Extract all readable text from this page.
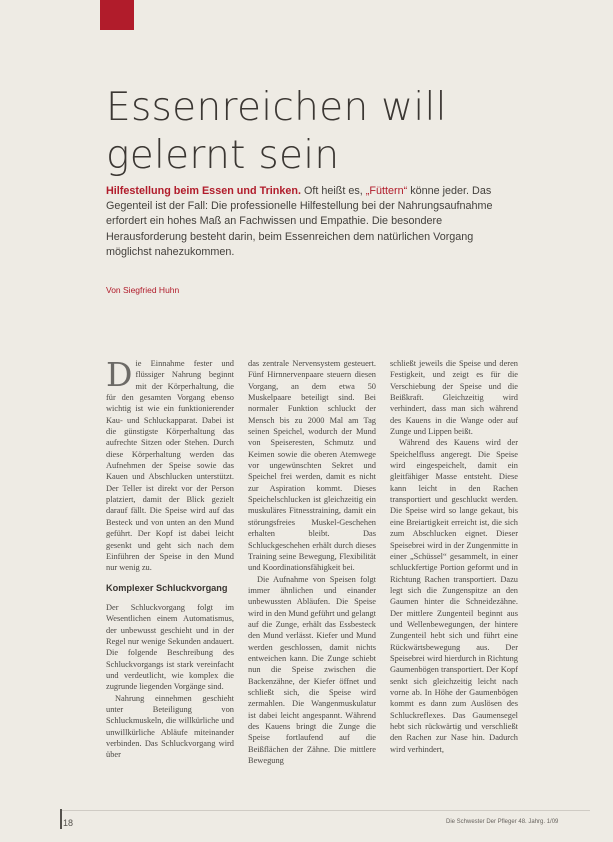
Essenreichen will gelernt sein
Hilfestellung beim Essen und Trinken. Oft heißt es, „Füttern“ könne jeder. Das Gegenteil ist der Fall: Die professionelle Hilfestellung bei der Nahrungsaufnahme erfordert ein hohes Maß an Fachwissen und Empathie. Die besondere Herausforderung besteht darin, beim Essenreichen dem natürlichen Vorgang möglichst nahezukommen.
Von Siegfried Huhn

Die Einnahme fester und flüssiger Nahrung beginnt mit der Körperhaltung, die für den gesamten Vorgang ebenso wichtig ist wie ein funktionierender Kau- und Schluckapparat. Dabei ist die günstigste Körperhaltung das aufrechte Sitzen oder Stehen. Durch diese Körperhaltung werden das Aufnehmen der Speise sowie das Kauen und Abschlucken unterstützt. Der Teller ist direkt vor der Person platziert, damit der Blick gezielt darauf fällt. Die Speise wird auf das Besteck und von unten an den Mund geführt. Der Kopf ist dabei leicht gesenkt und geht sich nach dem Einführen der Speise in den Mund nur wenig zu.

Komplexer Schluckvorgang

Der Schluckvorgang folgt im Wesentlichen einem Automatismus, der unbewusst geschieht und in der Regel nur wenige Sekunden andauert. Die folgende Beschreibung des Schluckvorgangs ist stark vereinfacht und verdeutlicht, wie komplex die zugrunde liegenden Vorgänge sind.

Nahrung einnehmen geschieht unter Beteiligung von Schluckmuskeln, die willkürliche und unwillkürliche Abläufe miteinander verbinden. Das Schluckvorgang wird über

das zentrale Nervensystem gesteuert. Fünf Hirnnervenpaare steuern diesen Vorgang, an dem etwa 50 Muskelpaare beteiligt sind. Bei normaler Funktion schluckt der Mensch bis zu 2000 Mal am Tag seinen Speichel, wodurch der Mund von Speiseresten, Schmutz und Keimen sowie die oberen Atemwege vor ungewünschten Sekret und Speichel frei werden, damit es nicht zur Aspiration kommt. Dieses Speichelschlucken ist gleichzeitig ein muskuläres Fitnesstraining, damit ein störungsfreies Muskel-Geschehen erhalten bleibt. Das Schluckgeschehen erhält durch dieses Training seine Bewegung, Flexibilität und Koordinationsfähigkeit bei.

Die Aufnahme von Speisen folgt immer ähnlichen und einander unbewussten Abläufen. Die Speise wird in den Mund geführt und gelangt auf die Zunge, erhält das Essbesteck den Mund verlässt. Kiefer und Mund werden geschlossen, damit nichts entweichen kann. Die Zunge schiebt nun die Speise zwischen die Backenzähne, der Kiefer öffnet und schließt sich, die Speise wird zermahlen. Die Wangenmuskulatur ist dabei leicht angespannt. Während des Kauens bringt die Zunge die Speise fortlaufend auf die Beißflächen der Zähne. Die mittlere Bewegung

schließt jeweils die Speise und deren Festigkeit, und zeigt es für die Verschiebung der Speise und die Beißkraft. Gleichzeitig wird verhindert, dass man sich während des Kauens in die Wange oder auf Zunge und Lippen beißt.

Während des Kauens wird der Speichelfluss angeregt. Die Speise wird eingespeichelt, damit ein gleitfähiger Masse entsteht. Diese kann leicht in den Rachen transportiert und geschluckt werden. Die Speise wird so lange gekaut, bis eine Breiartigkeit erreicht ist, die sich zum Abschlucken eignet. Dieser Speisebrei wird in der Zungenmitte in einer „Schüssel“ gesammelt, in einer schluckfertige Portion geformt und in Richtung Rachen transportiert. Dazu legt sich die Zungenspitze an den Gaumen hinter die Schneidezähne. Der mittlere Zungenteil beginnt aus und Wellenbewegungen, der hintere Zungenteil hebt sich und führt eine Rückwärtsbewegung aus. Der Speisebrei wird hierdurch in Richtung Gaumenbögen transportiert. Der Kopf senkt sich gleichzeitig leicht nach vorne ab. In Höhe der Gaumenbögen kommt es dann zum Auslösen des Schluckreflexes. Das Gaumensegel hebt sich rückwärtig und verschließt den Rachen zur Nase hin. Dadurch wird verhindert,

18	Die Schwester Der Pfleger 48. Jahrg. 1/09
